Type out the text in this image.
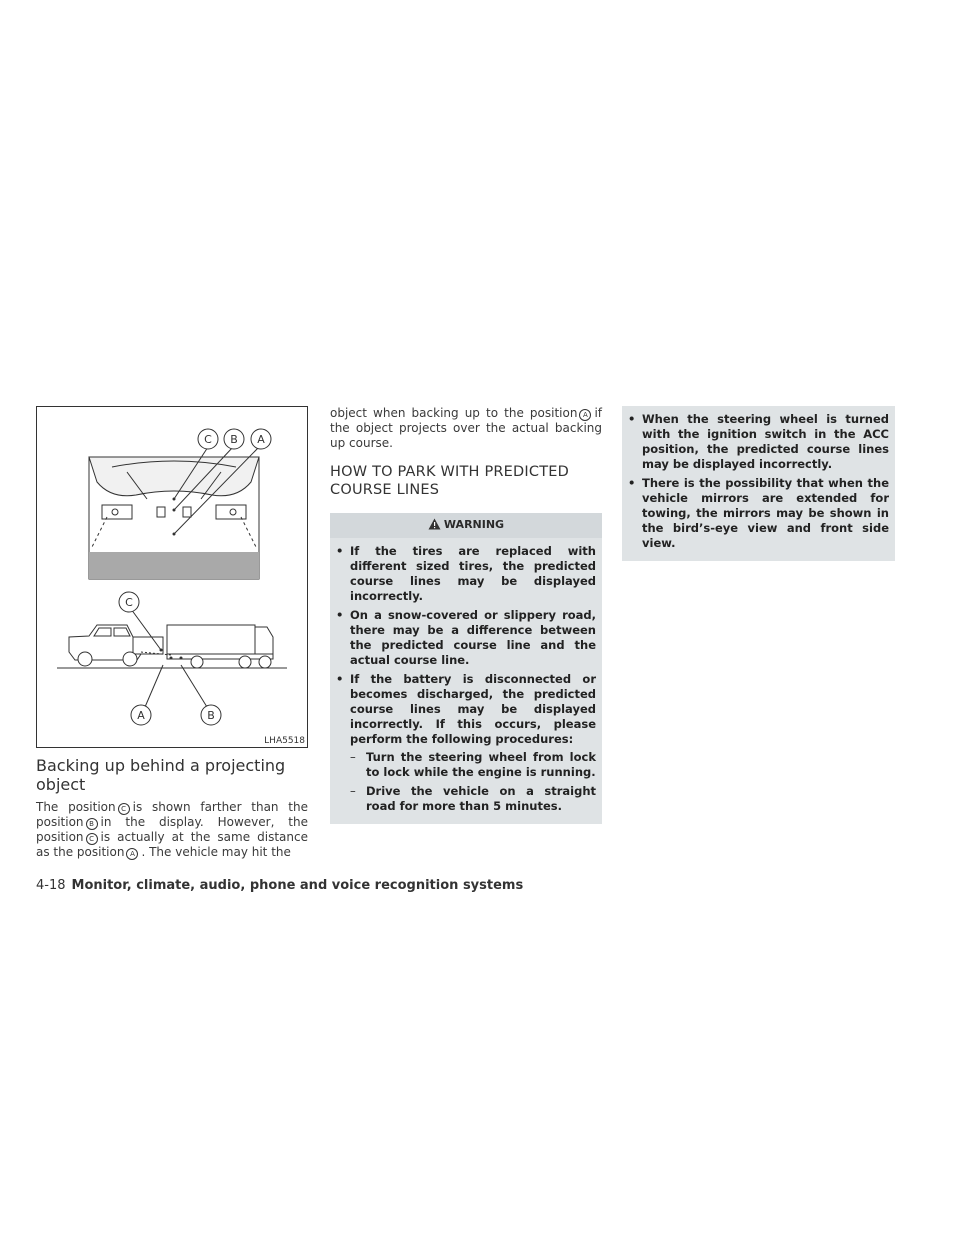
C B A
C
A	B
LHA5518
Backing up behind a projecting object

The position C is shown farther than the position B in the display. However, the position C is actually at the same distance as the position A . The vehicle may hit the

object when backing up to the position A if the object projects over the actual backing up course.

HOW TO PARK WITH PREDICTED COURSE LINES
WARNING
• If the tires are replaced with different sized tires, the predicted course lines may be displayed incorrectly.
• On a snow-covered or slippery road, there may be a difference between the predicted course line and the actual course line.
• If the battery is disconnected or becomes discharged, the predicted course lines may be displayed incorrectly. If this occurs, please perform the following procedures:
– Turn the steering wheel from lock to lock while the engine is running.
– Drive the vehicle on a straight road for more than 5 minutes.
• When the steering wheel is turned with the ignition switch in the ACC position, the predicted course lines may be displayed incorrectly.
• There is the possibility that when the vehicle mirrors are extended for towing, the mirrors may be shown in the bird’s-eye view and front side view.
4-18 Monitor, climate, audio, phone and voice recognition systems
